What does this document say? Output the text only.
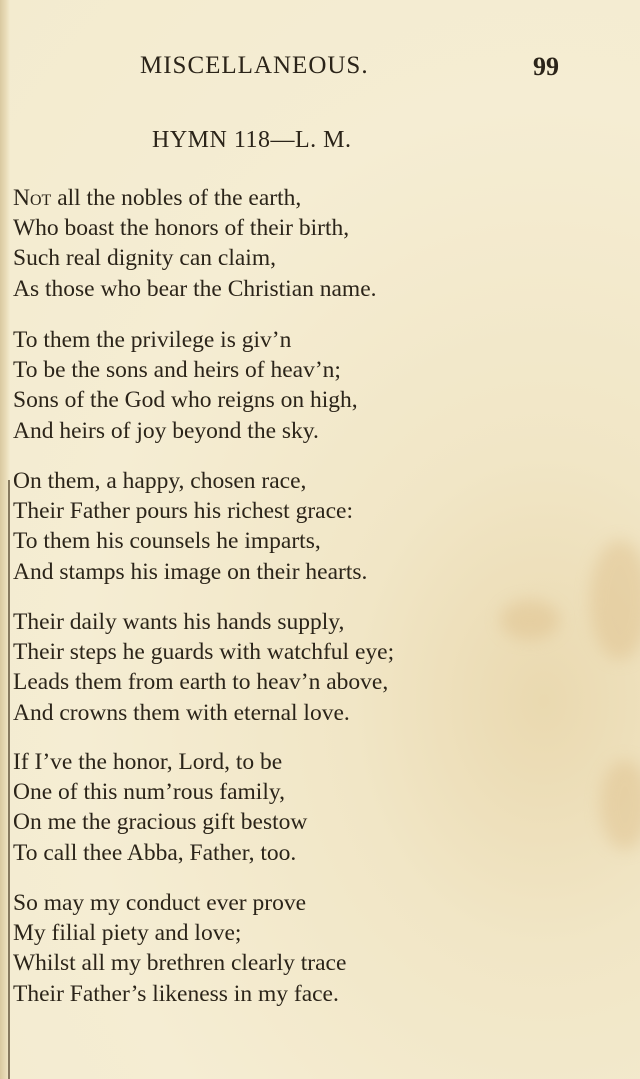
MISCELLANEOUS.	99
HYMN 118—L. M.
Not all the nobles of the earth,
Who boast the honors of their birth,
Such real dignity can claim,
As those who bear the Christian name.
To them the privilege is giv’n
To be the sons and heirs of heav’n;
Sons of the God who reigns on high,
And heirs of joy beyond the sky.
On them, a happy, chosen race,
Their Father pours his richest grace:
To them his counsels he imparts,
And stamps his image on their hearts.
Their daily wants his hands supply,
Their steps he guards with watchful eye;
Leads them from earth to heav’n above,
And crowns them with eternal love.
If I’ve the honor, Lord, to be
One of this num’rous family,
On me the gracious gift bestow
To call thee Abba, Father, too.
So may my conduct ever prove
My filial piety and love;
Whilst all my brethren clearly trace
Their Father’s likeness in my face.
